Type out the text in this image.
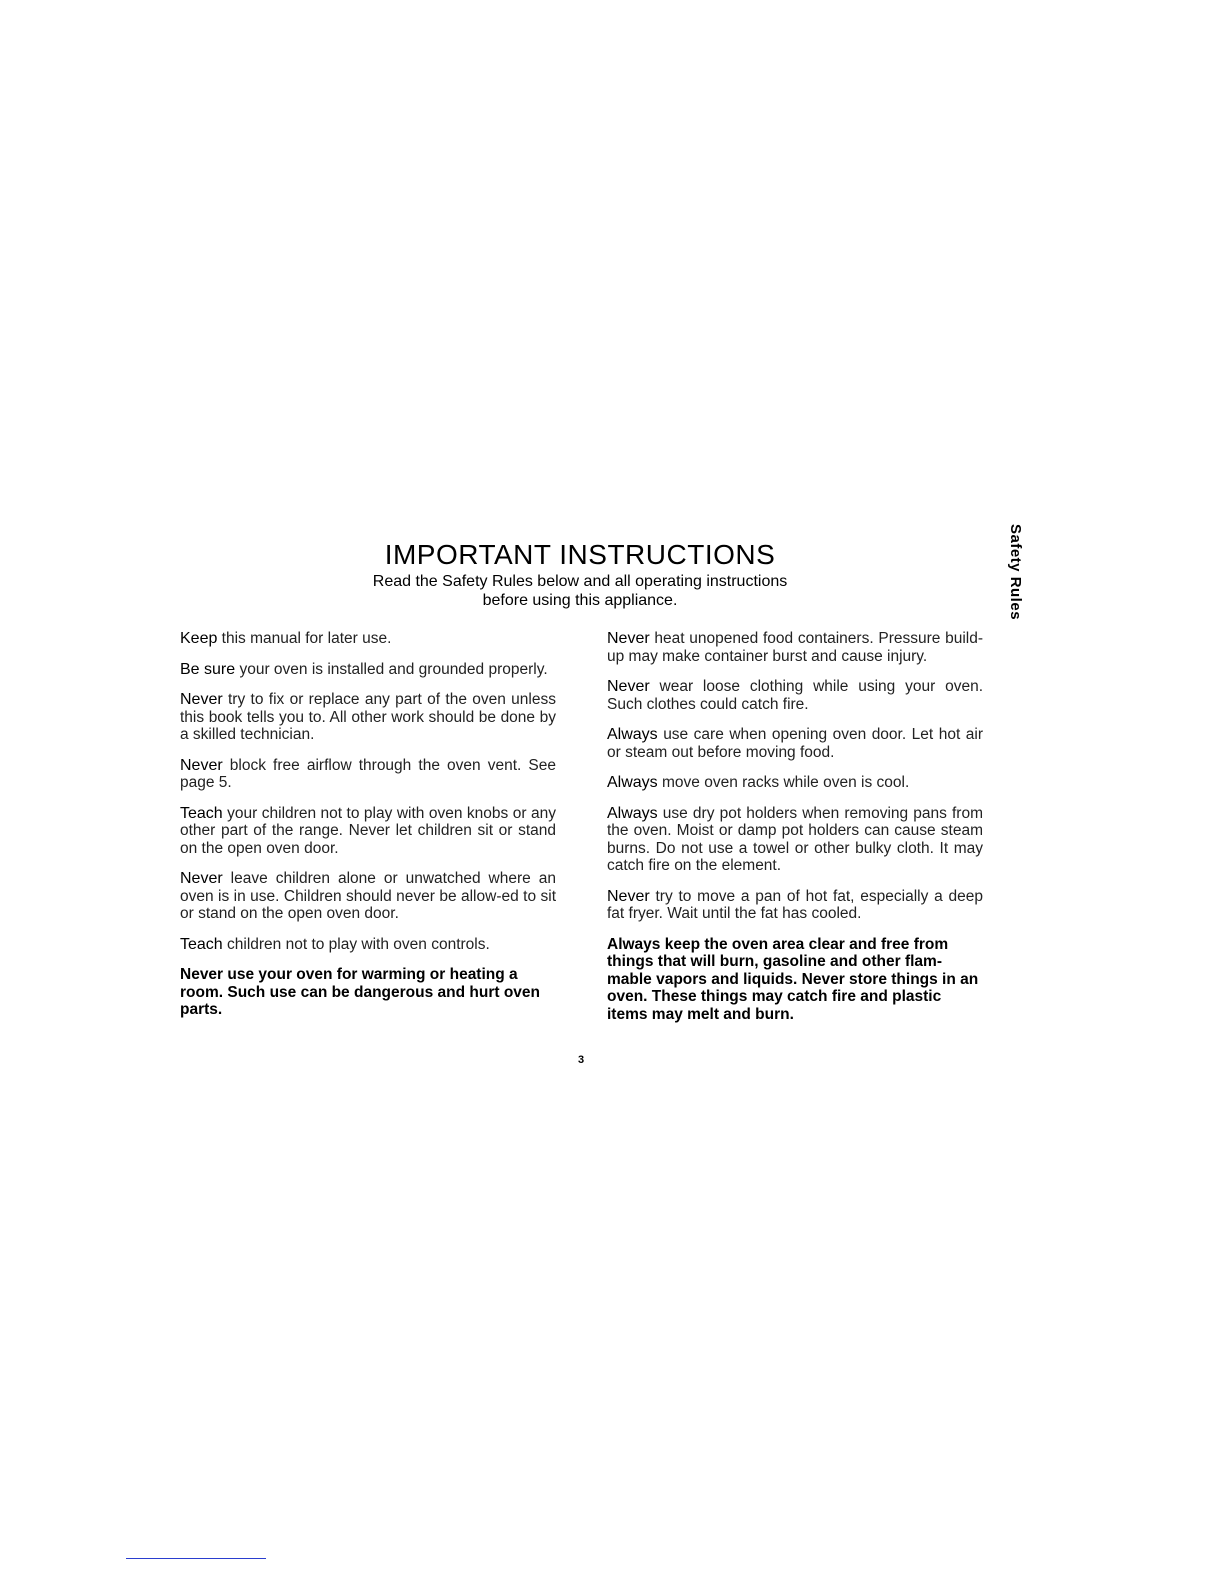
IMPORTANT INSTRUCTIONS
Read the Safety Rules below and all operating instructions
before using this appliance.	Safety Rules

Keep this manual for later use.

Be sure your oven is installed and grounded properly.

Never try to fix or replace any part of the oven unless this book tells you to. All other work should be done by a skilled technician.

Never block free airflow through the oven vent. See page 5.

Teach your children not to play with oven knobs or any other part of the range. Never let children sit or stand on the open oven door.

Never leave children alone or unwatched where an oven is in use. Children should never be allow-ed to sit or stand on the open oven door.

Teach children not to play with oven controls.

Never use your oven for warming or heating a room. Such use can be dangerous and hurt oven parts.

Never heat unopened food containers. Pressure build-up may make container burst and cause injury.

Never wear loose clothing while using your oven. Such clothes could catch fire.

Always use care when opening oven door. Let hot air or steam out before moving food.

Always move oven racks while oven is cool.

Always use dry pot holders when removing pans from the oven. Moist or damp pot holders can cause steam burns. Do not use a towel or other bulky cloth. It may catch fire on the element.

Never try to move a pan of hot fat, especially a deep fat fryer. Wait until the fat has cooled.

Always keep the oven area clear and free from things that will burn, gasoline and other flam-mable vapors and liquids. Never store things in an oven. These things may catch fire and plastic items may melt and burn.

3
